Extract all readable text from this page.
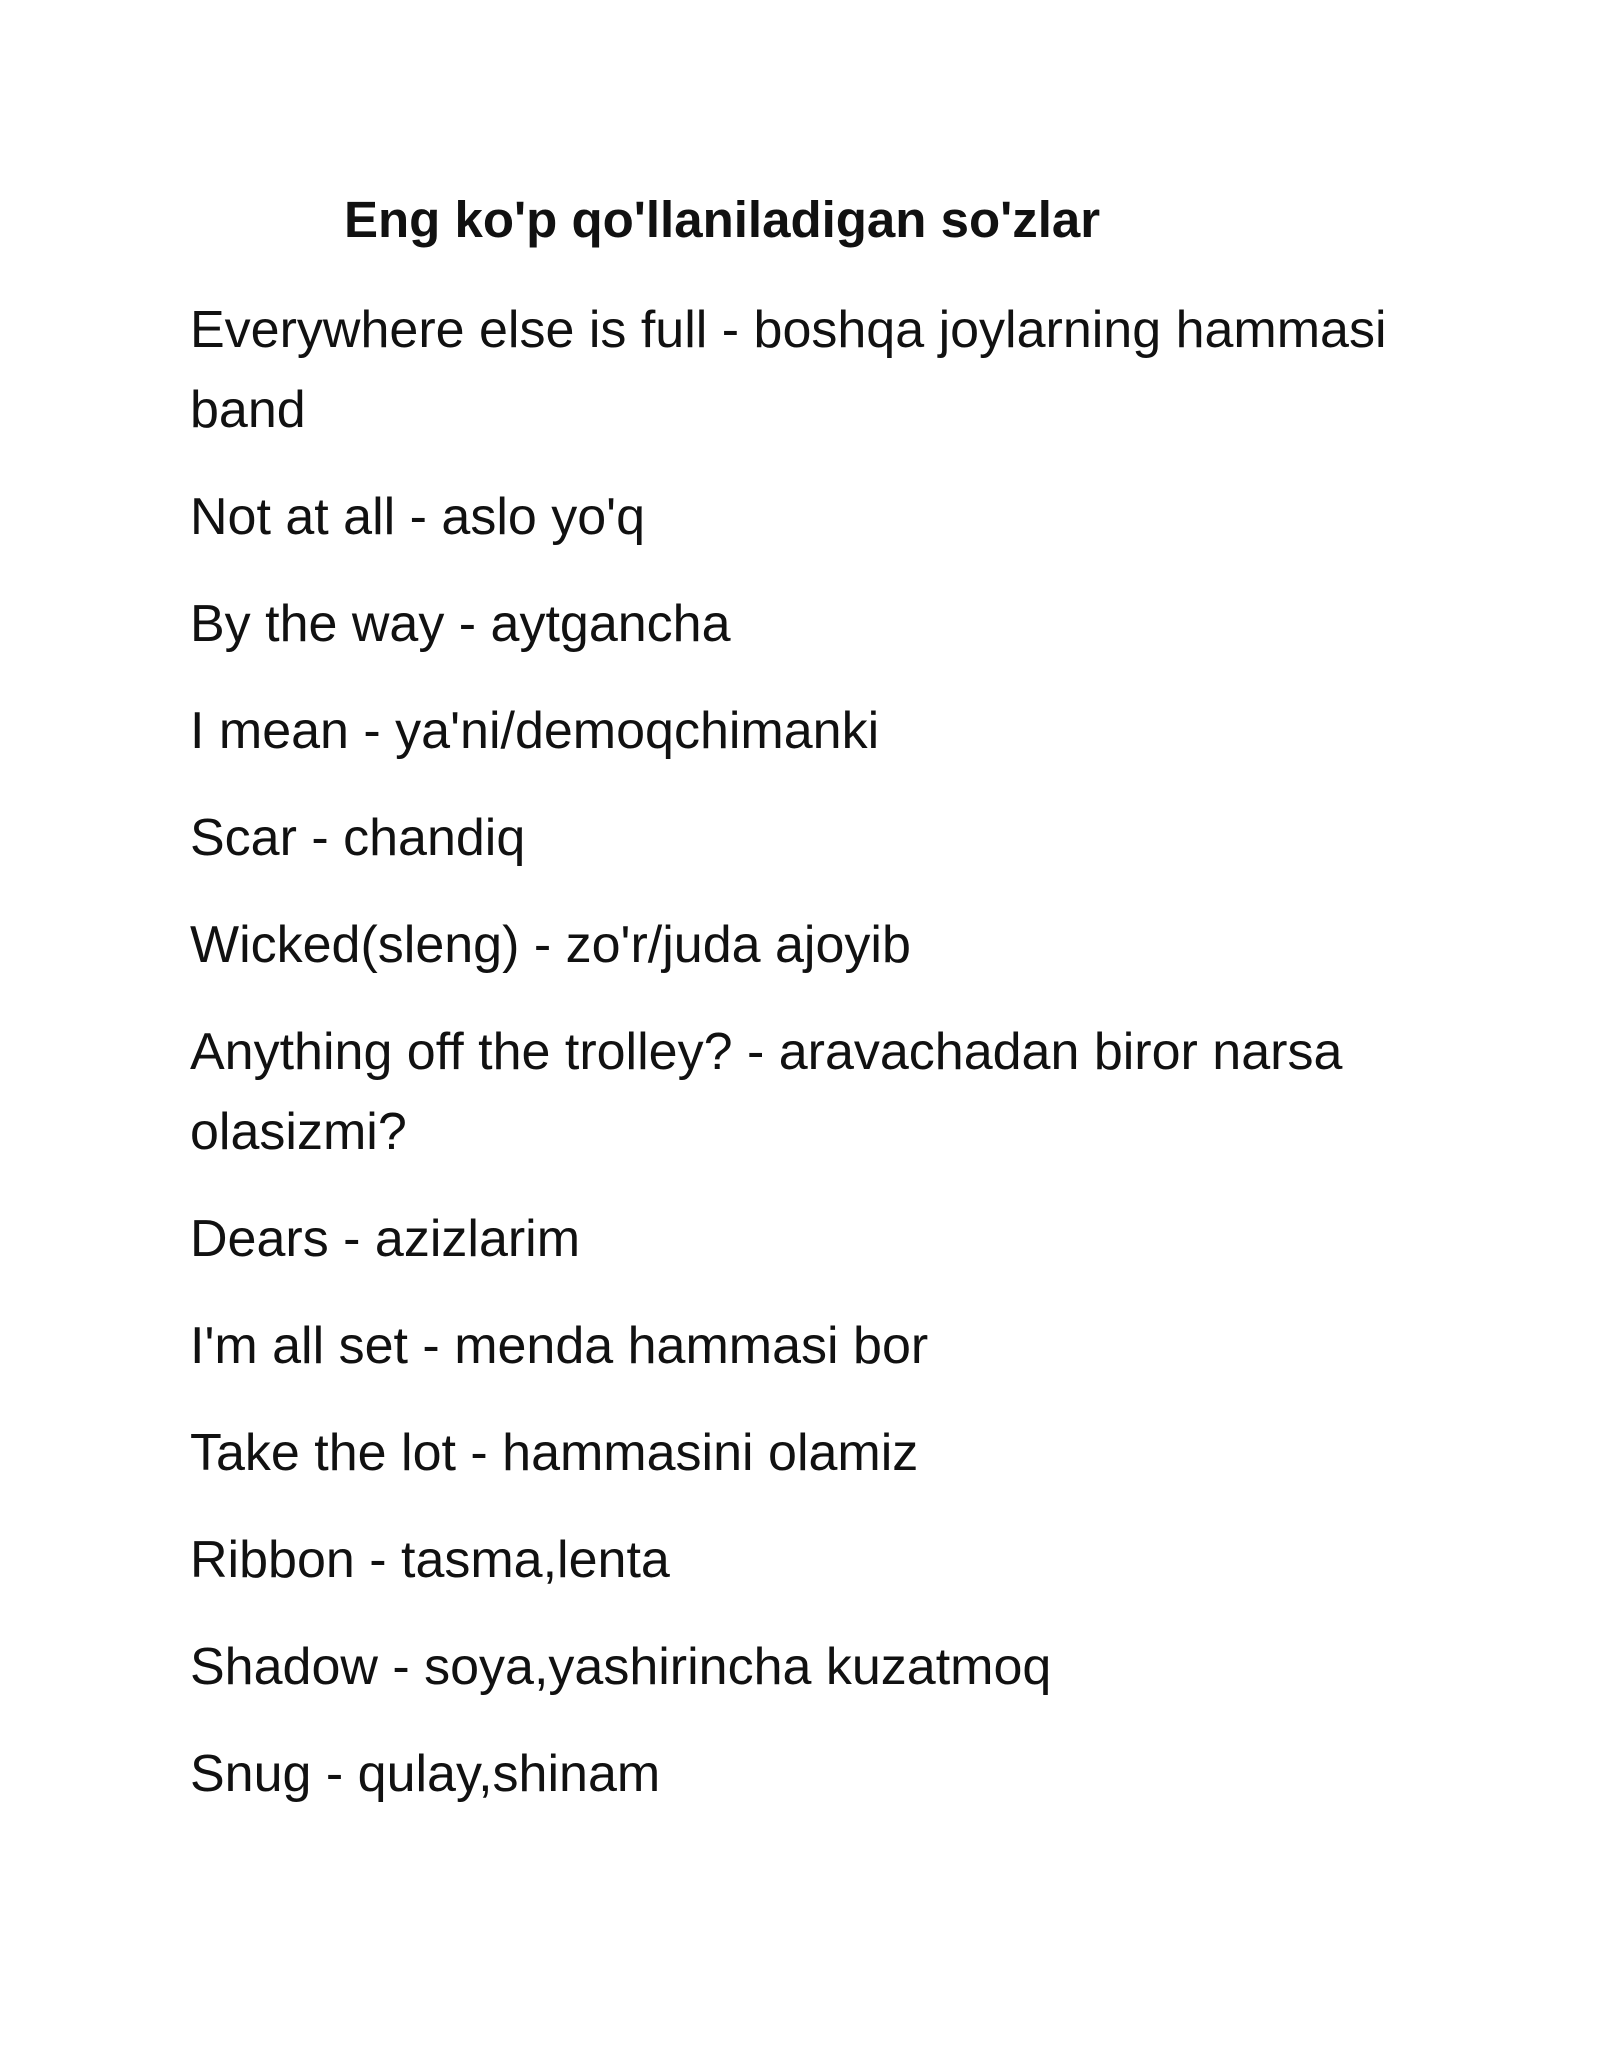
Eng ko'p qo'llaniladigan so'zlar
Everywhere else is full - boshqa joylarning hammasi band
Not at all - aslo yo'q
By the way - aytgancha
I mean - ya'ni/demoqchimanki
Scar - chandiq
Wicked(sleng) - zo'r/juda ajoyib
Anything off the trolley? - aravachadan biror narsa olasizmi?
Dears - azizlarim
I'm all set - menda hammasi bor
Take the lot - hammasini olamiz
Ribbon - tasma,lenta
Shadow - soya,yashirincha kuzatmoq
Snug - qulay,shinam
